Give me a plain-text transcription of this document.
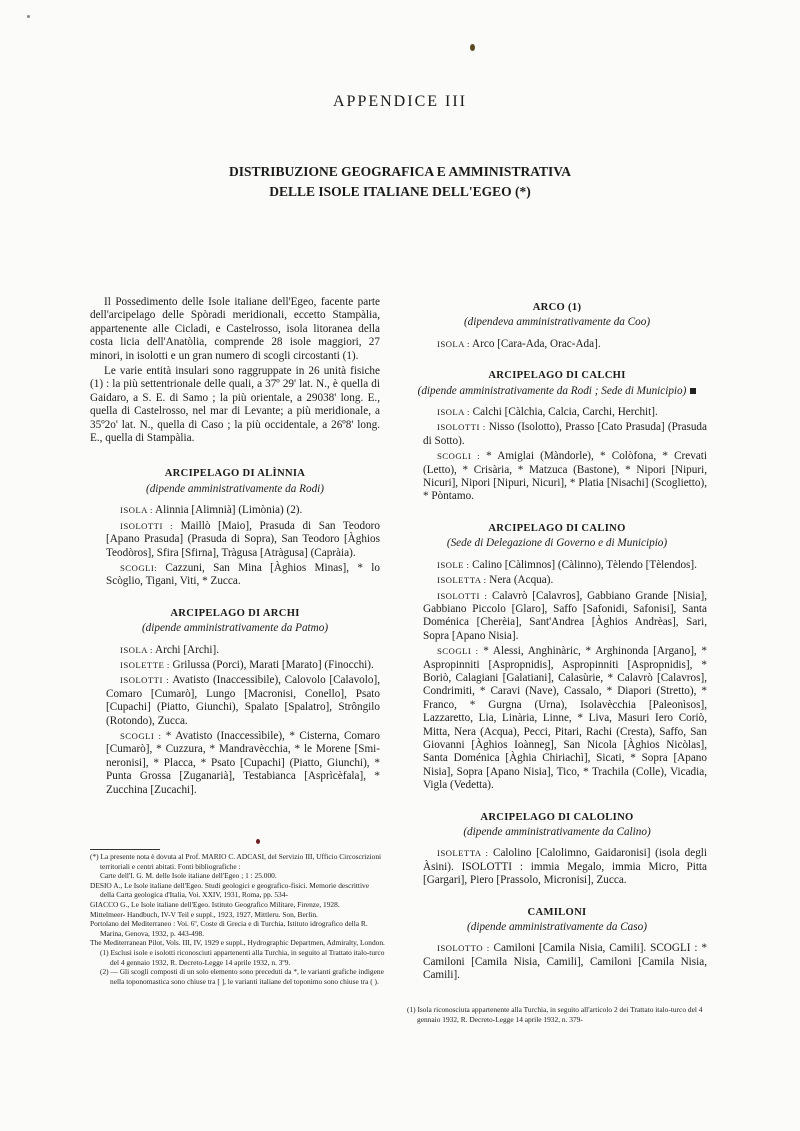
APPENDICE III
DISTRIBUZIONE GEOGRAFICA E AMMINISTRATIVA
DELLE ISOLE ITALIANE DELL'EGEO (*)

Il Possedimento delle Isole italiane dell'Egeo, facente parte dell'arcipelago delle Spòradi meridionali, eccetto Stampàlia, appartenente alle Cicladi, e Castelrosso, isola litoranea della costa licia dell'Anatòlia, comprende 28 isole maggiori, 27 minori, in isolotti e un gran numero di scogli circostanti (1).

Le varie entità insulari sono raggruppate in 26 unità fisiche (1) : la più settentrionale delle quali, a 37º 29' lat. N., è quella di Gaidaro, a S. E. di Samo ; la più orientale, a 29038' long. E., quella di Castelrosso, nel mar di Levante; a più meridionale, a 35º2o' lat. N., quella di Caso ; la più occidentale, a 26º8' long. E., quella di Stampàlia.

ARCIPELAGO DI ALÌNNIA
(dipende amministrativamente da Rodi)

ISOLA : Alinnia [Alimnià] (Limònia) (2).

ISOLOTTI : Maillò [Maio], Prasuda di San Teodoro [Apano Prasuda] (Prasuda di Sopra), San Teodoro [Àghios Teodòros], Sfira [Sfirna], Tràgusa [Atràgusa] (Capràia).

SCOGLI: Cazzuni, San Mina [Àghios Minas], * lo Scòglio, Tigani, Viti, * Zucca.

ARCIPELAGO DI ARCHI
(dipende amministrativamente da Patmo)

ISOLA : Archi [Archi].

ISOLETTE : Grilussa (Porci), Marati [Marato] (Finocchi).

ISOLOTTI : Avatisto (Inaccessibile), Calovolo [Calavolo], Comaro [Cumarò], Lungo [Macronisi, Conello], Psato [Cupachi] (Piatto, Giunchi), Spalato [Spalatro], Strôngilo (Rotondo), Zucca.

SCOGLI : * Avatisto (Inaccessìbile), * Cisterna, Comaro [Cumarò], * Cuzzura, * Mandravècchia, * le Morene [Smi-neronisi], * Placca, * Psato [Cupachi] (Piatto, Giunchi), * Punta Grossa [Zuganarià], Testabianca [Asprìcèfala], * Zucchina [Zucachi].

(*) La presente nota è dovuta al Prof. MARIO C. ADCASI, del Servizio III, Ufficio Circoscrizioni territoriali e centri abitati. Fonti bibliografiche :
Carte dell'I. G. M. delle Isole italiane dell'Egeo ; 1 : 25.000.
DESIO A., Le Isole italiane dell'Egeo. Studi geologici e geografico-fisici. Memorie descrittive della Carta geologica d'Italia, Voi. XXIV, 1931, Roma, pp. 534-
GIACCO G., Le Isole italiane dell'Egeo. Istituto Geografico Militare, Firenze, 1928.
Mittelmeer- Handbuch, IV-V Teil e suppl., 1923, 1927, Mittleru. Son, Berlin.
Portolano del Mediterraneo : Voi. 6º, Coste di Grecia e di Turchia, Istituto idrografico della R. Marina, Genova, 1932, p. 443-498.
The Mediterranean Pilot, Vols. III, IV, 1929 e suppl., Hydrographic Departmen, Admiralty, London.
(1) Esclusi isole e isolotti riconosciuti appartenenti alla Turchia, in seguito al Trattato italo-turco del 4 gennaio 1932, R. Decreto-Legge 14 aprile 1932, n. 3º9.
(2) — Gli scogli composti di un solo elemento sono preceduti da *, le varianti grafiche indigene nella toponomastica sono chiuse tra [ ], le varianti italiane del toponimo sono chiuse tra ( ).
ARCO (1)
(dipendeva amministrativamente da Coo)

ISOLA : Arco [Cara-Ada, Orac-Ada].

ARCIPELAGO DI CALCHI
(dipende amministrativamente da Rodi ; Sede di Municipio)

ISOLA : Calchi [Càlchia, Calcia, Carchi, Herchit].

ISOLOTTI : Nisso (Isolotto), Prasso [Cato Prasuda] (Prasuda di Sotto).

SCOGLI : * Amiglai (Màndorle), * Colòfona, * Crevati (Letto), * Crisària, * Matzuca (Bastone), * Nipori [Nipuri, Nicuri], Nipori [Nipuri, Nicuri], * Platia [Nisachi] (Scoglietto), * Pòntamo.

ARCIPELAGO DI CALINO
(Sede di Delegazione di Governo e di Municipio)

ISOLE : Calino [Càlimnos] (Càlinno), Tèlendo [Tèlendos].

ISOLETTA : Nera (Acqua).

ISOLOTTI : Calavrò [Calavros], Gabbiano Grande [Nisia], Gabbiano Piccolo [Glaro], Saffo [Safonidi, Safonisi], Santa Doménica [Cherèia], Sant'Andrea [Àghios Andrèas], Sari, Sopra [Apano Nisia].

SCOGLI : * Alessi, Anghinàric, * Arghinonda [Argano], * Aspropinniti [Aspropnidis], Aspropinniti [Aspropnidis], * Boriò, Calagiani [Galatiani], Calasùrie, * Calavrò [Calavros], Condrimiti, * Caravi (Nave), Cassalo, * Diapori (Stretto), * Franco, * Gurgna (Urna), Isolavècchia [Paleonìsos], Lazzaretto, Lia, Linària, Linne, * Liva, Masuri Iero Coriò, Mitta, Nera (Acqua), Pecci, Pitari, Rachi (Cresta), Saffo, San Giovanni [Àghios Ioànneg], San Nicola [Àghios Nicòlas], Santa Doménica [Àghia Chiriachì], Sicati, * Sopra [Apano Nisia], Sopra [Apano Nisia], Tico, * Trachila (Colle), Vicadia, Vigla (Vedetta).

ARCIPELAGO DI CALOLINO
(dipende amministrativamente da Calino)

ISOLETTA : Calolino [Calolimno, Gaidaronisi] (isola degli Àsini). ISOLOTTI : immia Megalo, immia Micro, Pitta [Gargari], Piero [Prassolo, Micronisi], Zucca.

CAMILONI
(dipende amministrativamente da Caso)

ISOLOTTO : Camiloni [Camila Nisia, Camili]. SCOGLI : * Camiloni [Camila Nisia, Camili], Camiloni [Camila Nisia, Camili].

(1) Isola riconosciuta appartenente alla Turchia, in seguito all'articolo 2 dei Trattato italo-turco del 4 gennaio 1932, R. Decreto-Legge 14 aprile 1932, n. 379-
